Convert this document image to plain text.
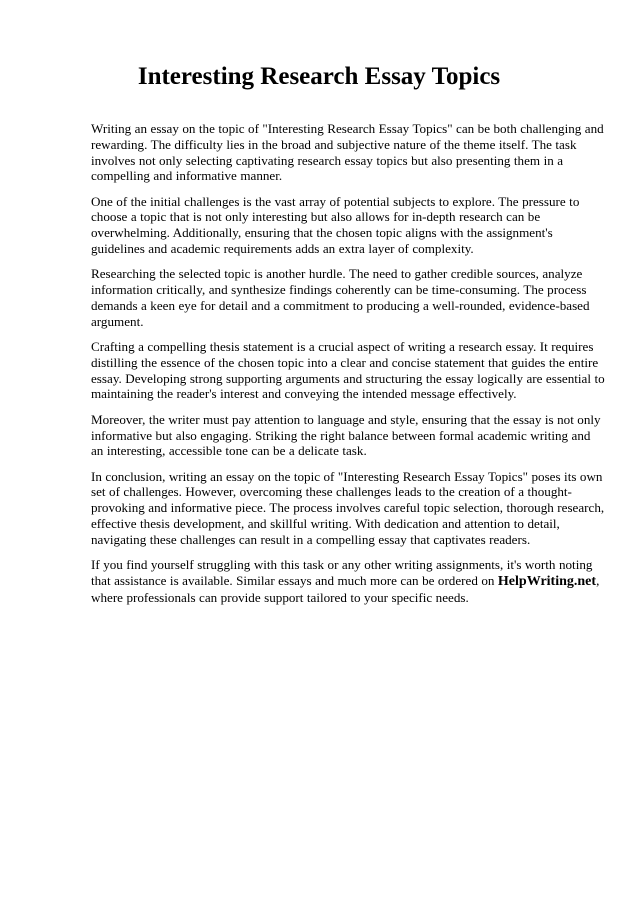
Interesting Research Essay Topics

Writing an essay on the topic of "Interesting Research Essay Topics" can be both challenging and
rewarding. The difficulty lies in the broad and subjective nature of the theme itself. The task
involves not only selecting captivating research essay topics but also presenting them in a
compelling and informative manner.

One of the initial challenges is the vast array of potential subjects to explore. The pressure to
choose a topic that is not only interesting but also allows for in-depth research can be
overwhelming. Additionally, ensuring that the chosen topic aligns with the assignment's
guidelines and academic requirements adds an extra layer of complexity.

Researching the selected topic is another hurdle. The need to gather credible sources, analyze
information critically, and synthesize findings coherently can be time-consuming. The process
demands a keen eye for detail and a commitment to producing a well-rounded, evidence-based
argument.

Crafting a compelling thesis statement is a crucial aspect of writing a research essay. It requires
distilling the essence of the chosen topic into a clear and concise statement that guides the entire
essay. Developing strong supporting arguments and structuring the essay logically are essential to
maintaining the reader's interest and conveying the intended message effectively.

Moreover, the writer must pay attention to language and style, ensuring that the essay is not only
informative but also engaging. Striking the right balance between formal academic writing and
an interesting, accessible tone can be a delicate task.

In conclusion, writing an essay on the topic of "Interesting Research Essay Topics" poses its own
set of challenges. However, overcoming these challenges leads to the creation of a thought-
provoking and informative piece. The process involves careful topic selection, thorough research,
effective thesis development, and skillful writing. With dedication and attention to detail,
navigating these challenges can result in a compelling essay that captivates readers.

If you find yourself struggling with this task or any other writing assignments, it's worth noting
that assistance is available. Similar essays and much more can be ordered on HelpWriting.net,
where professionals can provide support tailored to your specific needs.
